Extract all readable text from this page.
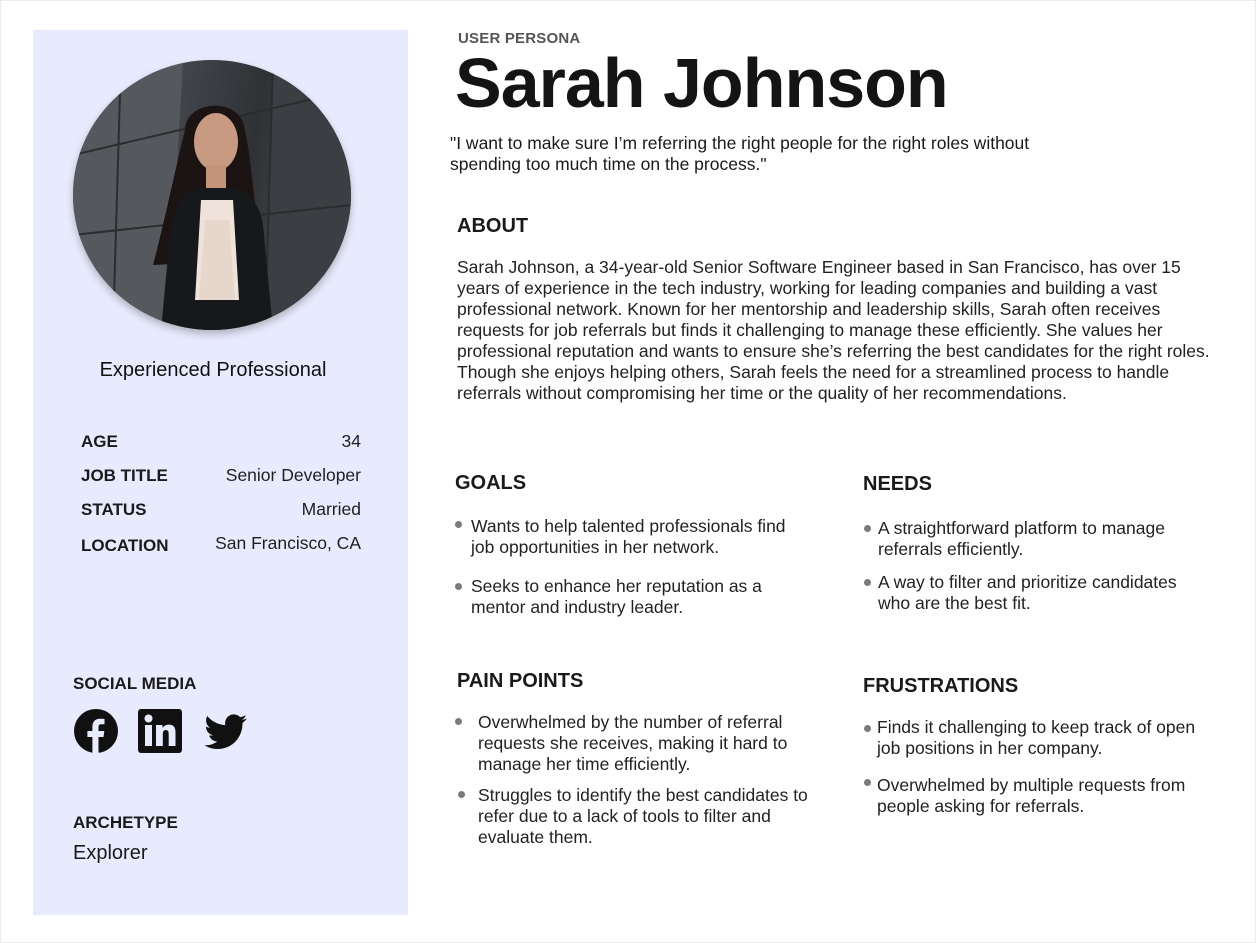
Experienced Professional
AGE	34
JOB TITLE	Senior Developer
STATUS	Married
LOCATION	San Francisco, CA
SOCIAL MEDIA
ARCHETYPE
Explorer
USER PERSONA
Sarah Johnson
"I want to make sure I’m referring the right people for the right roles without spending too much time on the process."
ABOUT
Sarah Johnson, a 34-year-old Senior Software Engineer based in San Francisco, has over 15 years of experience in the tech industry, working for leading companies and building a vast professional network. Known for her mentorship and leadership skills, Sarah often receives requests for job referrals but finds it challenging to manage these efficiently. She values her professional reputation and wants to ensure she’s referring the best candidates for the right roles. Though she enjoys helping others, Sarah feels the need for a streamlined process to handle referrals without compromising her time or the quality of her recommendations.
GOALS
Wants to help talented professionals find job opportunities in her network.
Seeks to enhance her reputation as a mentor and industry leader.
NEEDS
A straightforward platform to manage referrals efficiently.
A way to filter and prioritize candidates who are the best fit.
PAIN POINTS
Overwhelmed by the number of referral requests she receives, making it hard to manage her time efficiently.
Struggles to identify the best candidates to refer due to a lack of tools to filter and evaluate them.
FRUSTRATIONS
Finds it challenging to keep track of open job positions in her company.
Overwhelmed by multiple requests from people asking for referrals.
